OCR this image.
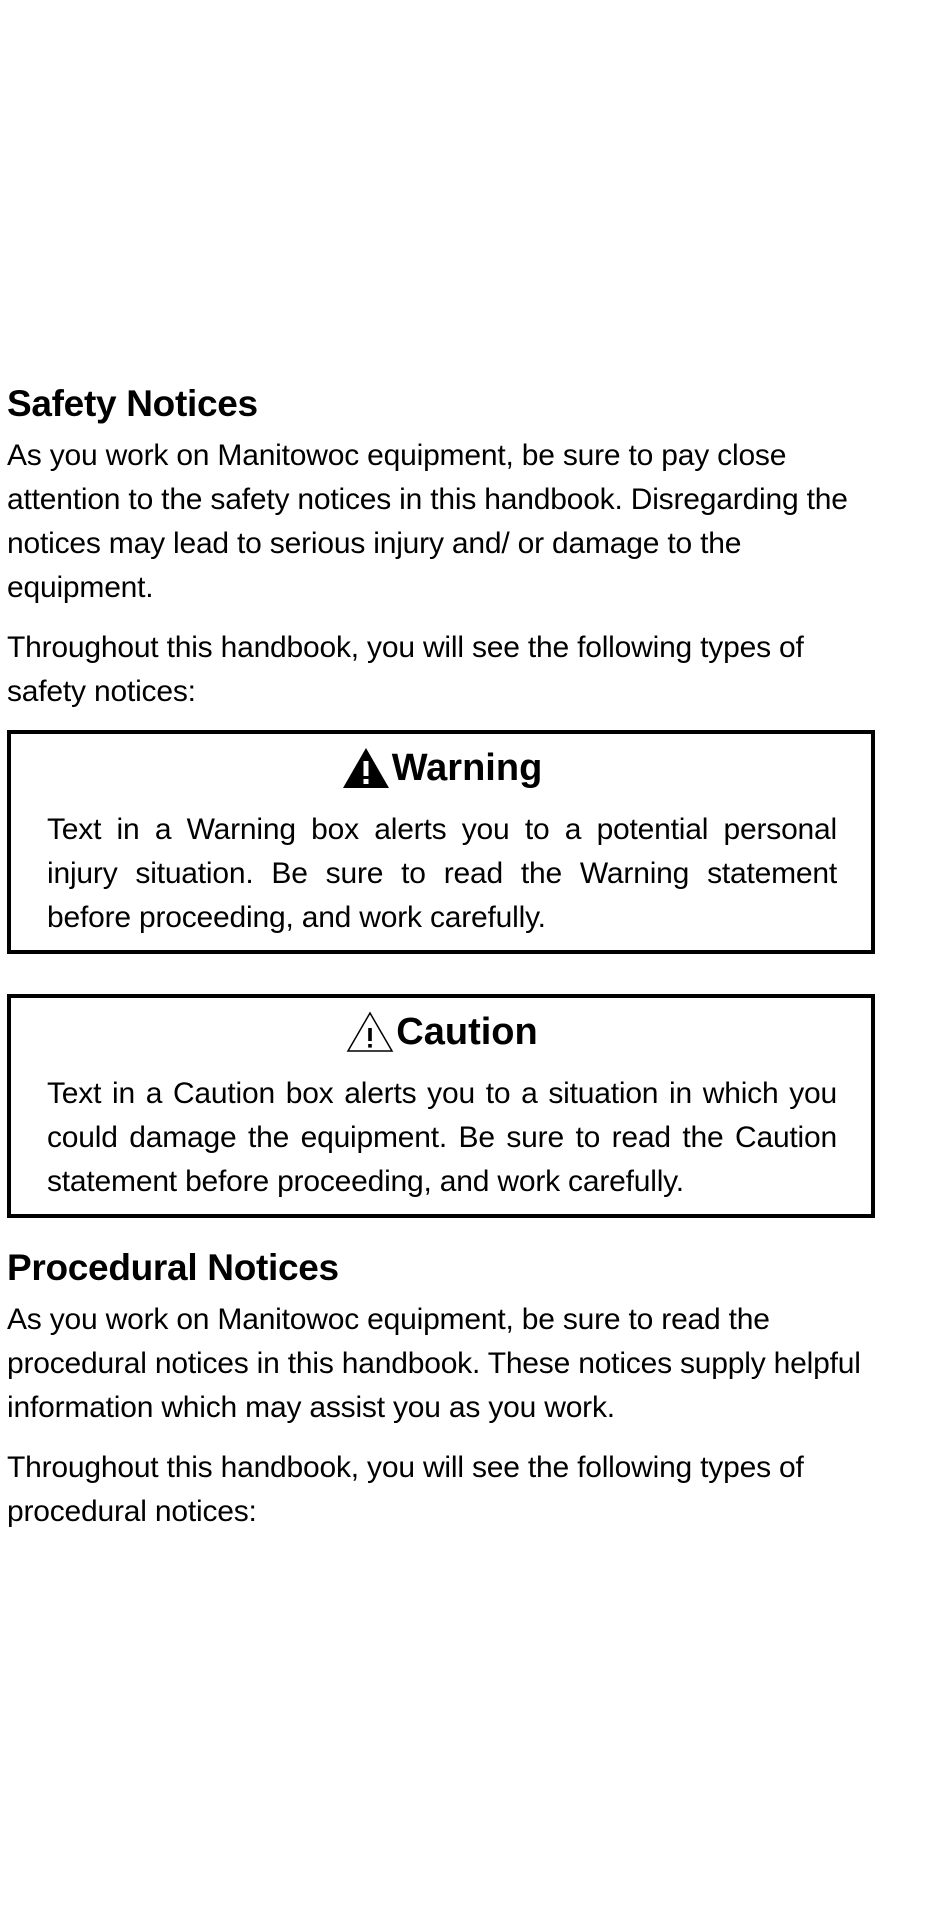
Safety Notices

As you work on Manitowoc equipment, be sure to pay close attention to the safety notices in this handbook. Disregarding the notices may lead to serious injury and/ or damage to the equipment.

Throughout this handbook, you will see the following types of safety notices:

Warning

Text in a Warning box alerts you to a potential personal injury situation. Be sure to read the Warning statement before proceeding, and work carefully.

Caution

Text in a Caution box alerts you to a situation in which you could damage the equipment. Be sure to read the Caution statement before proceeding, and work carefully.

Procedural Notices

As you work on Manitowoc equipment, be sure to read the procedural notices in this handbook. These notices supply helpful information which may assist you as you work.

Throughout this handbook, you will see the following types of procedural notices:
